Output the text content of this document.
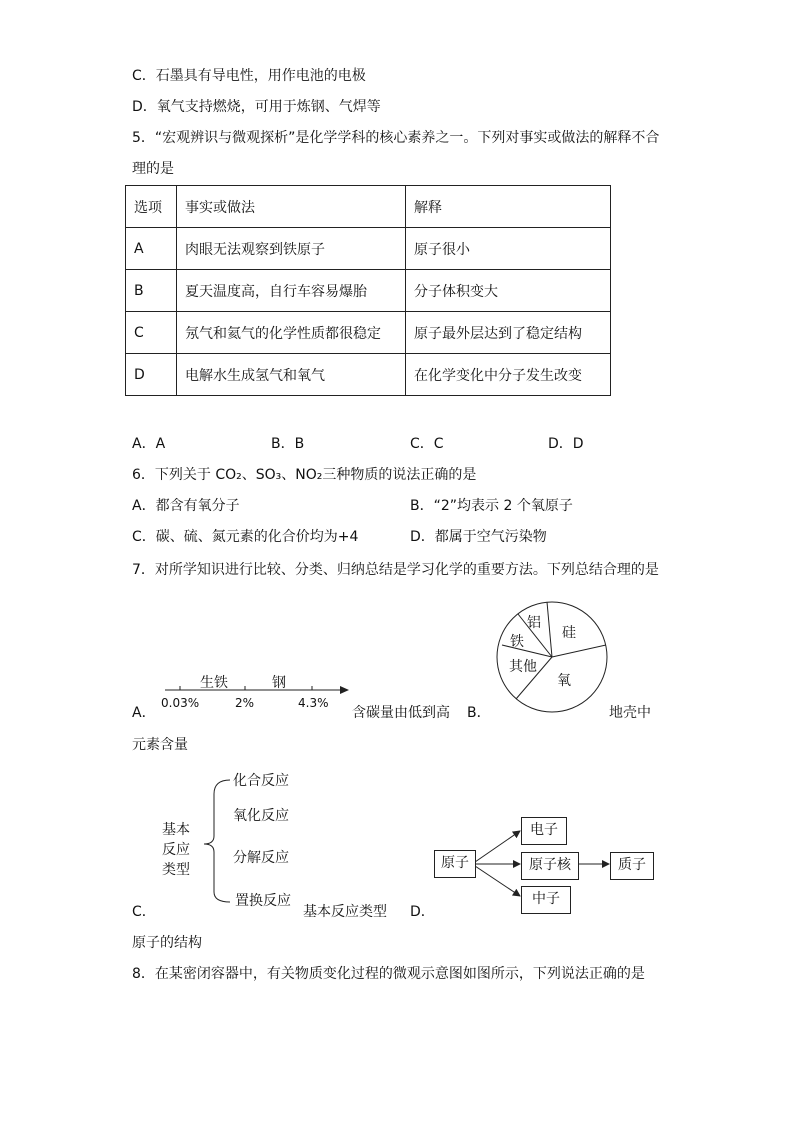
C．石墨具有导电性，用作电池的电极
D．氧气支持燃烧，可用于炼钢、气焊等
5．“宏观辨识与微观探析”是化学学科的核心素养之一。下列对事实或做法的解释不合
理的是
选项	事实或做法	解释
A	肉眼无法观察到铁原子	原子很小
B	夏天温度高，自行车容易爆胎	分子体积变大
C	氖气和氦气的化学性质都很稳定	原子最外层达到了稳定结构
D	电解水生成氢气和氧气	在化学变化中分子发生改变
A．A	B．B	C．C	D．D
6．下列关于 CO₂、SO₃、NO₂三种物质的说法正确的是
A．都含有氧分子	B．“2”均表示 2 个氧原子
C．碳、硫、氮元素的化合价均为+4	D．都属于空气污染物
7．对所学知识进行比较、分类、归纳总结是学习化学的重要方法。下列总结合理的是
A．
生铁	钢
0.03%	2%	4.3%
含碳量由低到高 B．
铝
硅
铁
其他
氧
地壳中
元素含量
基本
反应
类型
化合反应
氧化反应
分解反应
置换反应
C．	基本反应类型 D．
原子
电子
原子核
中子
质子
原子的结构
8．在某密闭容器中，有关物质变化过程的微观示意图如图所示，下列说法正确的是
